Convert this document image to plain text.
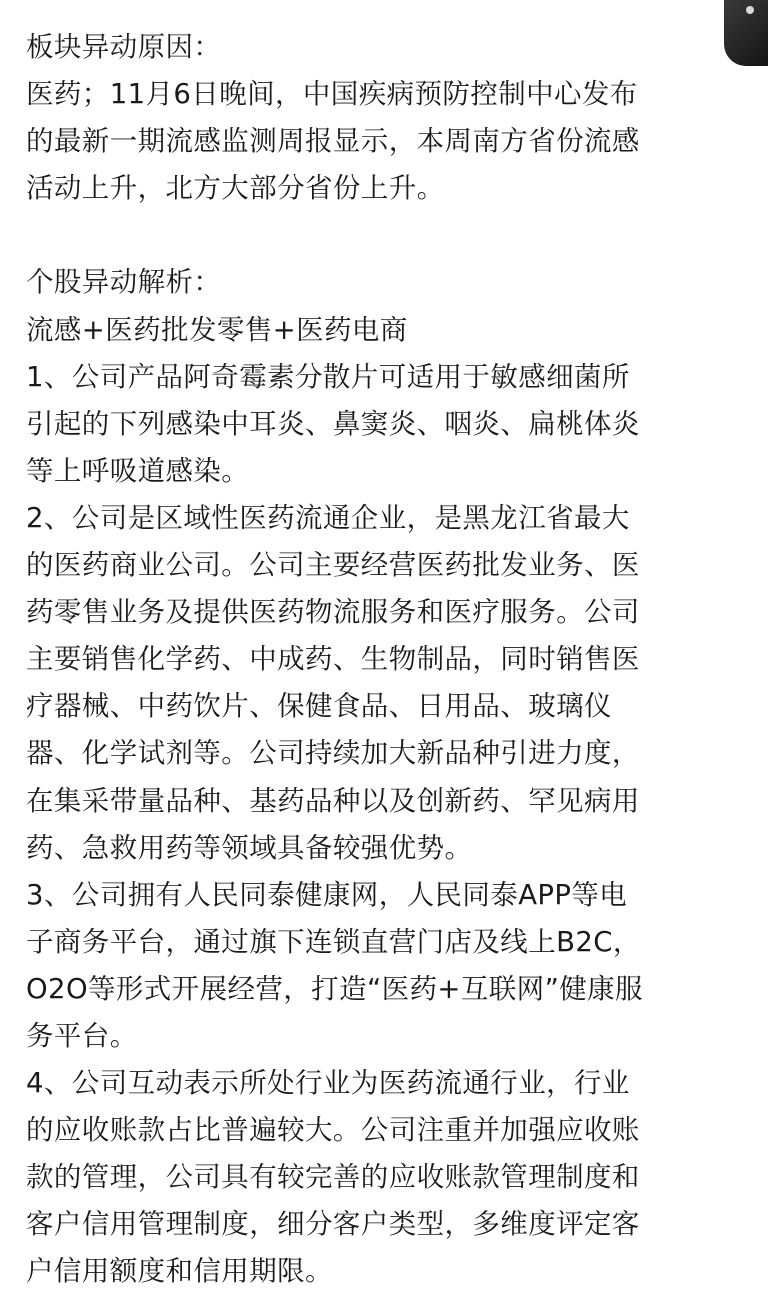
板块异动原因：
医药；11月6日晚间，中国疾病预防控制中心发布
的最新一期流感监测周报显示，本周南方省份流感
活动上升，北方大部分省份上升。
个股异动解析：
流感+医药批发零售+医药电商
1、公司产品阿奇霉素分散片可适用于敏感细菌所
引起的下列感染中耳炎、鼻窦炎、咽炎、扁桃体炎
等上呼吸道感染。
2、公司是区域性医药流通企业，是黑龙江省最大
的医药商业公司。公司主要经营医药批发业务、医
药零售业务及提供医药物流服务和医疗服务。公司
主要销售化学药、中成药、生物制品，同时销售医
疗器械、中药饮片、保健食品、日用品、玻璃仪
器、化学试剂等。公司持续加大新品种引进力度，
在集采带量品种、基药品种以及创新药、罕见病用
药、急救用药等领域具备较强优势。
3、公司拥有人民同泰健康网，人民同泰APP等电
子商务平台，通过旗下连锁直营门店及线上B2C，
O2O等形式开展经营，打造“医药+互联网”健康服
务平台。
4、公司互动表示所处行业为医药流通行业，行业
的应收账款占比普遍较大。公司注重并加强应收账
款的管理，公司具有较完善的应收账款管理制度和
客户信用管理制度，细分客户类型，多维度评定客
户信用额度和信用期限。
